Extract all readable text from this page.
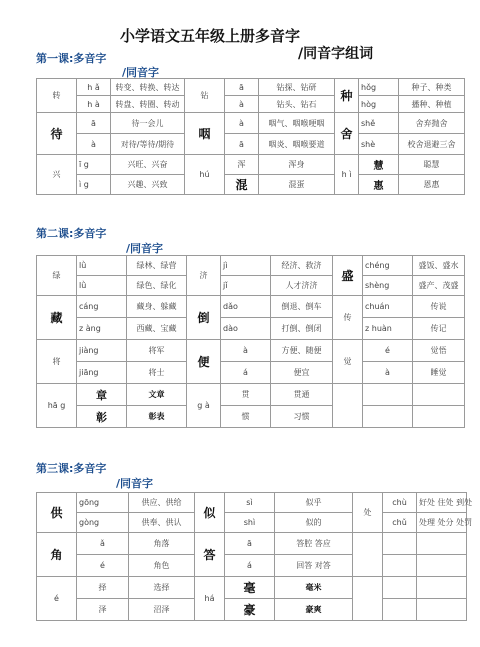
小学语文五年级上册多音字
/同音字组词
第一课:多音字
/同音字
转	h ǎ	转变、转换、转达	钻	ā	钻探、钻研	种	hǒg	种子、种类
	h à	转盘、转圈、转动		à	钻头、钻石		hòg	播种、种植
待	ā	待一会儿	咽	à	咽气、咽喉哽咽	舍	shě	舍弃抛舍
	à	对待/等待/期待		ā	咽炎、咽喉要道		shè	校舍退避三舍
兴	ī g	兴旺、兴奋	hú	浑	浑身	h ì	慧	聪慧
	ì g	兴趣、兴致		混	混蛋		惠	恩惠
第二课:多音字
/同音字
绿	lǜ	绿林、绿营	济	jì	经济、救济	盛	chéng	盛饭、盛水
	lǜ	绿色、绿化		jǐ	人才济济		shèng	盛产、茂盛
藏	cáng	藏身、躲藏	倒	dǎo	倒退、倒车	传	chuán	传说
	z àng	西藏、宝藏		dào	打倒、倒闭		z huàn	传记
将	jiàng	将军	便	à	方便、随便	觉	é	觉悟
	jiāng	将士		á	便宜		à	睡觉
hā g	章	文章	g à	贯	贯通			
	彰	彰表		惯	习惯			
第三课:多音字
/同音字
供	gōng	供应、供给	似	sì	似乎	处	chù	好处 住处 到处
	gòng	供奉、供认		shì	似的		chǔ	处理 处分 处罚
角	ǎ	角落	答	ā	答腔 答应			
	é	角色		á	回答 对答			
é	择	选择	há	毫	毫米			
	泽	沼泽		豪	豪爽			
